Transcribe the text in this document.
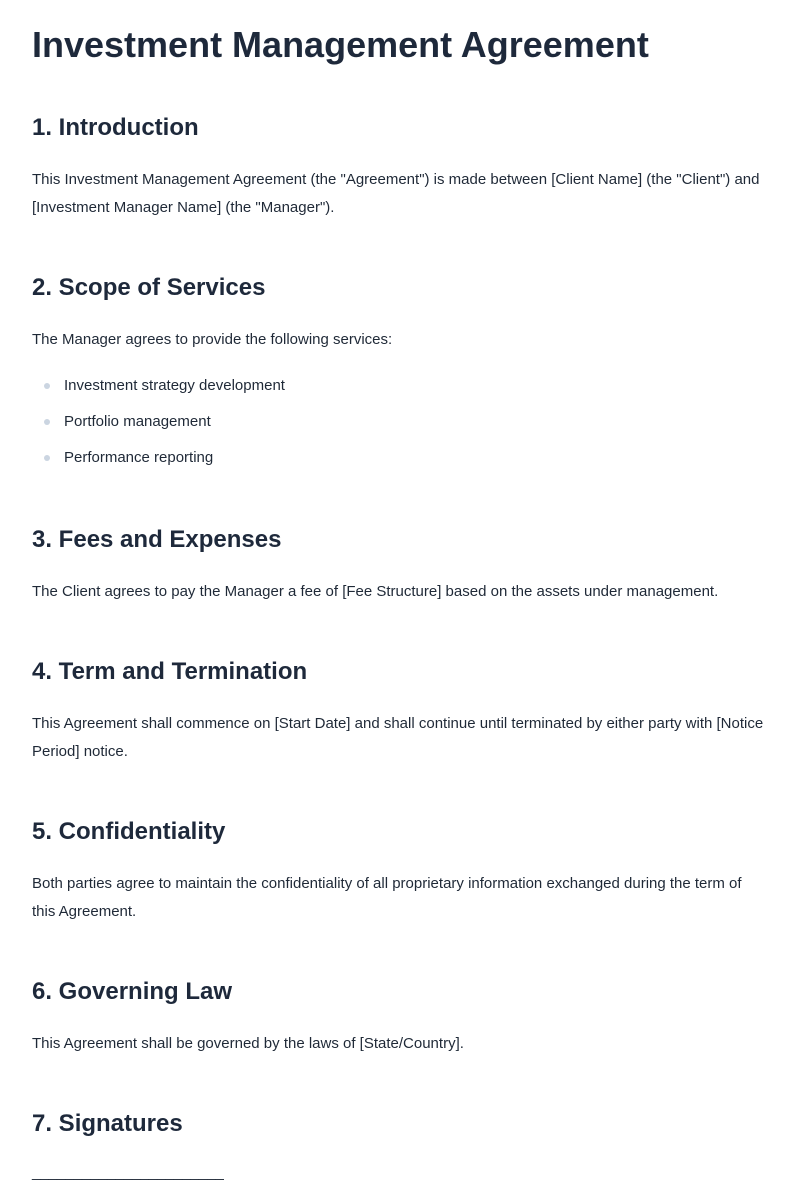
Investment Management Agreement
1. Introduction

This Investment Management Agreement (the "Agreement") is made between [Client Name] (the "Client") and [Investment Manager Name] (the "Manager").

2. Scope of Services

The Manager agrees to provide the following services:

Investment strategy development
Portfolio management
Performance reporting
3. Fees and Expenses

The Client agrees to pay the Manager a fee of [Fee Structure] based on the assets under management.

4. Term and Termination

This Agreement shall commence on [Start Date] and shall continue until terminated by either party with [Notice Period] notice.

5. Confidentiality

Both parties agree to maintain the confidentiality of all proprietary information exchanged during the term of this Agreement.

6. Governing Law

This Agreement shall be governed by the laws of [State/Country].

7. Signatures
_______________________
